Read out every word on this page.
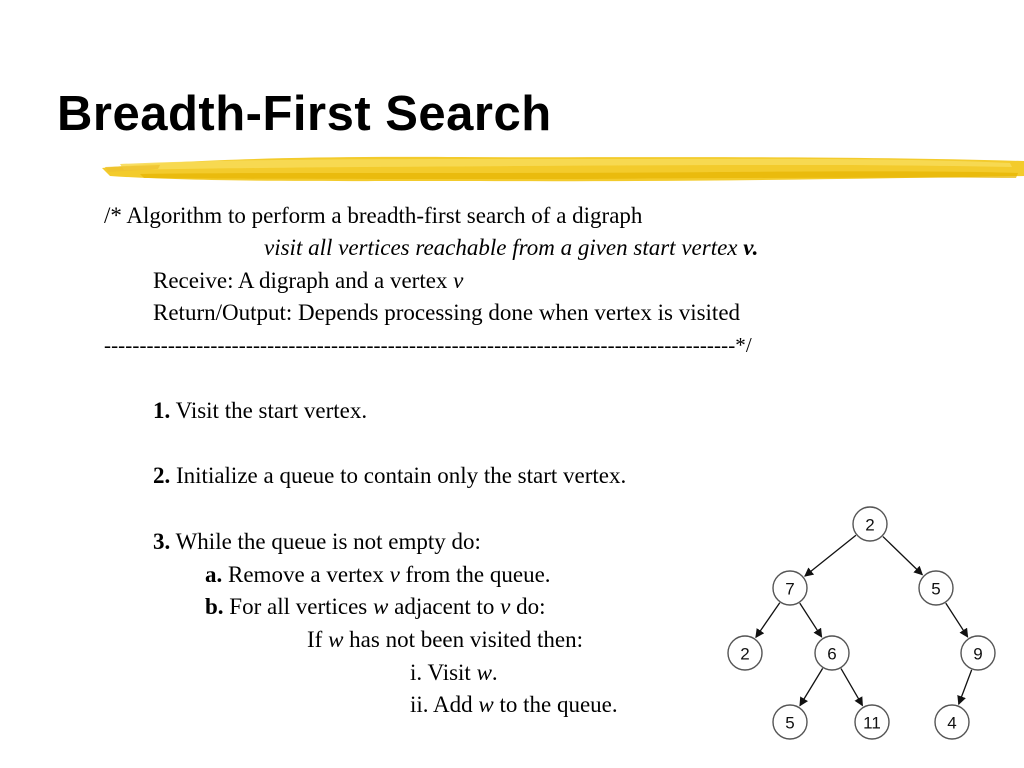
Breadth-First Search
/* Algorithm to perform a breadth-first search of a digraph
visit all vertices reachable from a given start vertex v.
Receive: A digraph and a vertex v
Return/Output: Depends processing done when vertex is visited
-----------------------------------------------------------------------------------------*/
1. Visit the start vertex.
2. Initialize a queue to contain only the start vertex.
3. While the queue is not empty do:
a. Remove a vertex v from the queue.
b. For all vertices w adjacent to v do:
If w has not been visited then:
i. Visit w.
ii. Add w to the queue.
2
7	5
2	6	9
5	11	4
